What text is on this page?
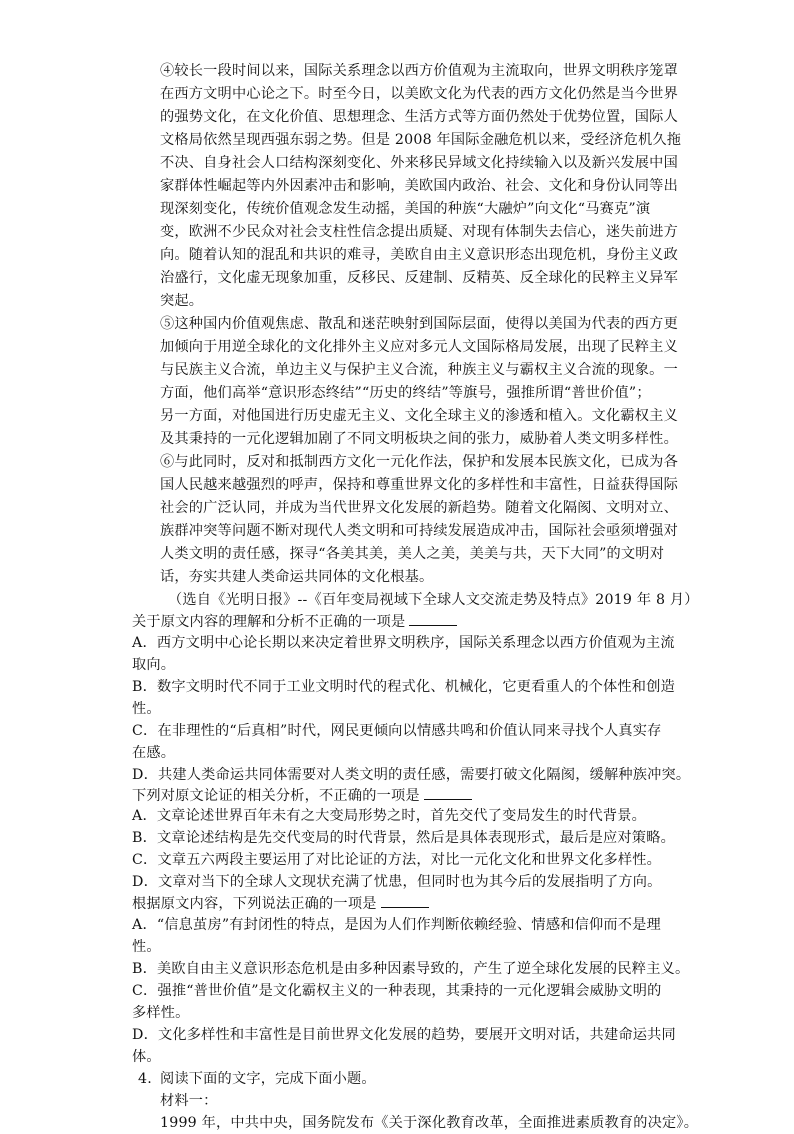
④较长一段时间以来，国际关系理念以西方价值观为主流取向，世界文明秩序笼罩
在西方文明中心论之下。时至今日，以美欧文化为代表的西方文化仍然是当今世界
的强势文化，在文化价值、思想理念、生活方式等方面仍然处于优势位置，国际人
文格局依然呈现西强东弱之势。但是 2008 年国际金融危机以来，受经济危机久拖
不决、自身社会人口结构深刻变化、外来移民异域文化持续输入以及新兴发展中国
家群体性崛起等内外因素冲击和影响，美欧国内政治、社会、文化和身份认同等出
现深刻变化，传统价值观念发生动摇，美国的种族“大融炉”向文化“马赛克”演
变，欧洲不少民众对社会支柱性信念提出质疑、对现有体制失去信心，迷失前进方
向。随着认知的混乱和共识的难寻，美欧自由主义意识形态出现危机，身份主义政
治盛行，文化虚无现象加重，反移民、反建制、反精英、反全球化的民粹主义异军
突起。
⑤这种国内价值观焦虑、散乱和迷茫映射到国际层面，使得以美国为代表的西方更
加倾向于用逆全球化的文化排外主义应对多元人文国际格局发展，出现了民粹主义
与民族主义合流，单边主义与保护主义合流，种族主义与霸权主义合流的现象。一
方面，他们高举“意识形态终结”“历史的终结”等旗号，强推所谓“普世价值”；
另一方面，对他国进行历史虚无主义、文化全球主义的渗透和植入。文化霸权主义
及其秉持的一元化逻辑加剧了不同文明板块之间的张力，威胁着人类文明多样性。
⑥与此同时，反对和抵制西方文化一元化作法，保护和发展本民族文化，已成为各
国人民越来越强烈的呼声，保持和尊重世界文化的多样性和丰富性，日益获得国际
社会的广泛认同，并成为当代世界文化发展的新趋势。随着文化隔阂、文明对立、
族群冲突等问题不断对现代人类文明和可持续发展造成冲击，国际社会亟须增强对
人类文明的责任感，探寻“各美其美，美人之美，美美与共，天下大同”的文明对
话，夯实共建人类命运共同体的文化根基。
（选自《光明日报》--《百年变局视域下全球人文交流走势及特点》2019 年 8 月）
关于原文内容的理解和分析不正确的一项是
A．西方文明中心论长期以来决定着世界文明秩序，国际关系理念以西方价值观为主流
取向。
B．数字文明时代不同于工业文明时代的程式化、机械化，它更看重人的个体性和创造
性。
C．在非理性的“后真相”时代，网民更倾向以情感共鸣和价值认同来寻找个人真实存
在感。
D．共建人类命运共同体需要对人类文明的责任感，需要打破文化隔阂，缓解种族冲突。
下列对原文论证的相关分析，不正确的一项是
A．文章论述世界百年未有之大变局形势之时，首先交代了变局发生的时代背景。
B．文章论述结构是先交代变局的时代背景，然后是具体表现形式，最后是应对策略。
C．文章五六两段主要运用了对比论证的方法，对比一元化文化和世界文化多样性。
D．文章对当下的全球人文现状充满了忧患，但同时也为其今后的发展指明了方向。
根据原文内容，下列说法正确的一项是
A．“信息茧房”有封闭性的特点，是因为人们作判断依赖经验、情感和信仰而不是理
性。
B．美欧自由主义意识形态危机是由多种因素导致的，产生了逆全球化发展的民粹主义。
C．强推“普世价值”是文化霸权主义的一种表现，其秉持的一元化逻辑会威胁文明的
多样性。
D．文化多样性和丰富性是目前世界文化发展的趋势，要展开文明对话，共建命运共同
体。
4. 阅读下面的文字，完成下面小题。
材料一：
1999 年，中共中央，国务院发布《关于深化教育改革，全面推进素质教育的决定》。
